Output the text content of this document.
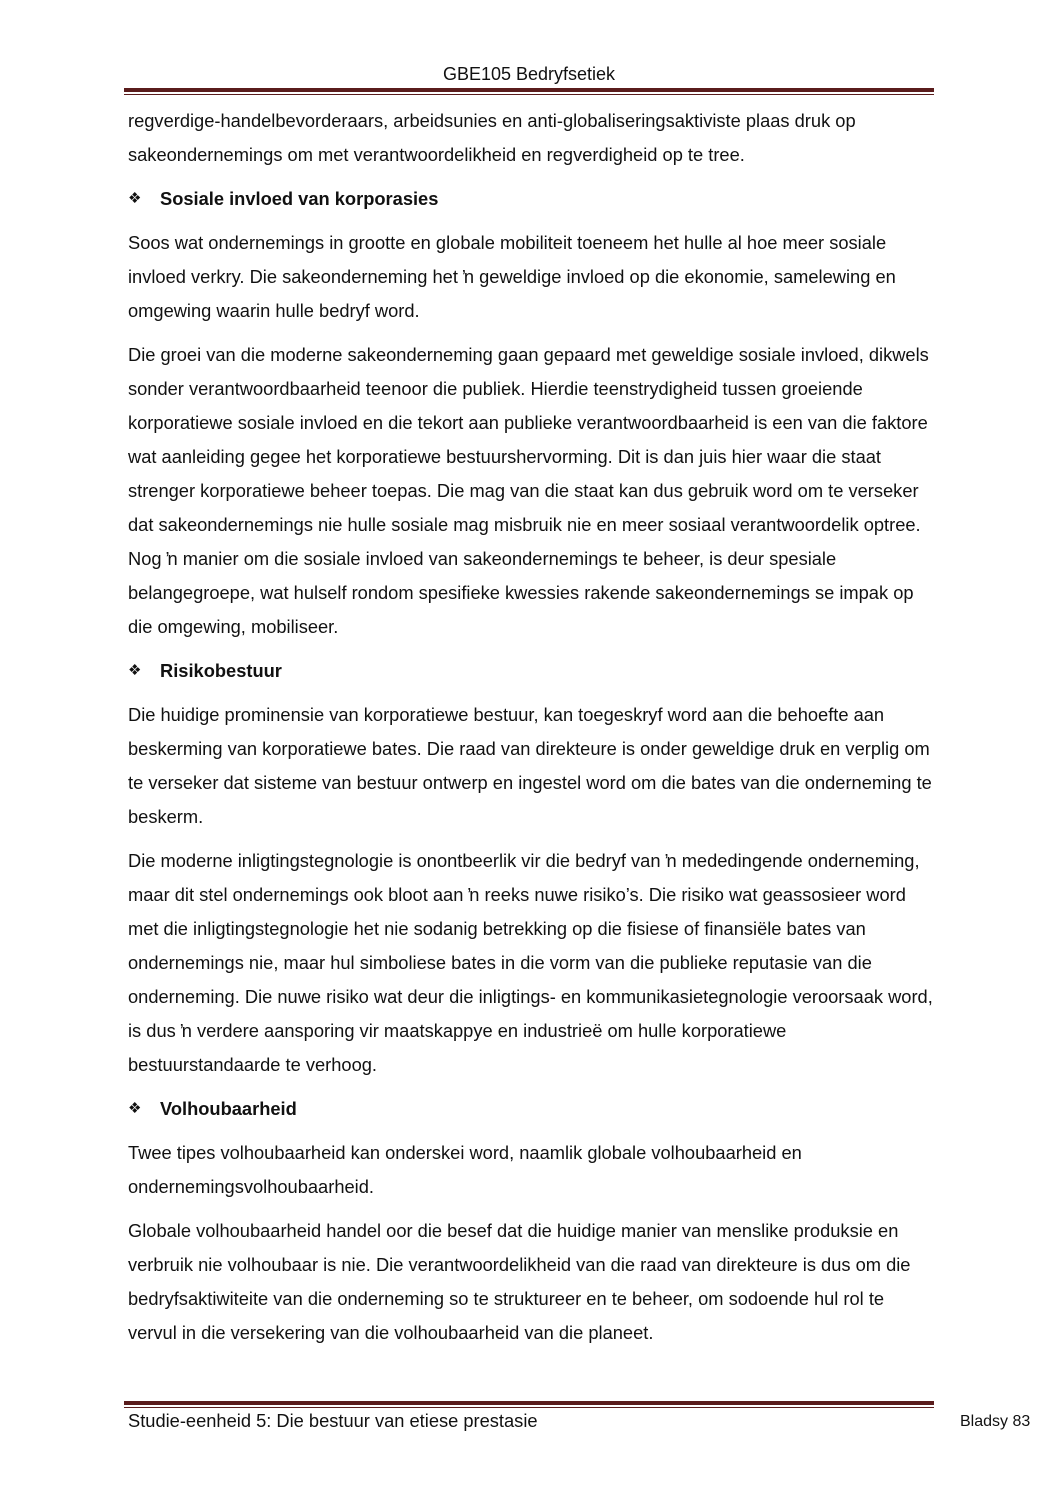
GBE105 Bedryfsetiek

regverdige-handelbevorderaars, arbeidsunies en anti-globaliseringsaktiviste plaas druk op sakeondernemings om met verantwoordelikheid en regverdigheid op te tree.

❖	Sosiale invloed van korporasies

Soos wat ondernemings in grootte en globale mobiliteit toeneem het hulle al hoe meer sosiale invloed verkry. Die sakeonderneming het ŉ geweldige invloed op die ekonomie, samelewing en omgewing waarin hulle bedryf word.

Die groei van die moderne sakeonderneming gaan gepaard met geweldige sosiale invloed, dikwels sonder verantwoordbaarheid teenoor die publiek. Hierdie teenstrydigheid tussen groeiende korporatiewe sosiale invloed en die tekort aan publieke verantwoordbaarheid is een van die faktore wat aanleiding gegee het korporatiewe bestuurshervorming. Dit is dan juis hier waar die staat strenger korporatiewe beheer toepas. Die mag van die staat kan dus gebruik word om te verseker dat sakeondernemings nie hulle sosiale mag misbruik nie en meer sosiaal verantwoordelik optree. Nog ŉ manier om die sosiale invloed van sakeondernemings te beheer, is deur spesiale belangegroepe, wat hulself rondom spesifieke kwessies rakende sakeondernemings se impak op die omgewing, mobiliseer.

❖	Risikobestuur

Die huidige prominensie van korporatiewe bestuur, kan toegeskryf word aan die behoefte aan beskerming van korporatiewe bates. Die raad van direkteure is onder geweldige druk en verplig om te verseker dat sisteme van bestuur ontwerp en ingestel word om die bates van die onderneming te beskerm.

Die moderne inligtingstegnologie is onontbeerlik vir die bedryf van ŉ mededingende onderneming, maar dit stel ondernemings ook bloot aan ŉ reeks nuwe risiko’s. Die risiko wat geassosieer word met die inligtingstegnologie het nie sodanig betrekking op die fisiese of finansiële bates van ondernemings nie, maar hul simboliese bates in die vorm van die publieke reputasie van die onderneming. Die nuwe risiko wat deur die inligtings- en kommunikasietegnologie veroorsaak word, is dus ŉ verdere aansporing vir maatskappye en industrieë om hulle korporatiewe bestuurstandaarde te verhoog.

❖	Volhoubaarheid

Twee tipes volhoubaarheid kan onderskei word, naamlik globale volhoubaarheid en ondernemingsvolhoubaarheid.

Globale volhoubaarheid handel oor die besef dat die huidige manier van menslike produksie en verbruik nie volhoubaar is nie. Die verantwoordelikheid van die raad van direkteure is dus om die bedryfsaktiwiteite van die onderneming so te struktureer en te beheer, om sodoende hul rol te vervul in die versekering van die volhoubaarheid van die planeet.

Studie-eenheid 5: Die bestuur van etiese prestasie	Bladsy 83
